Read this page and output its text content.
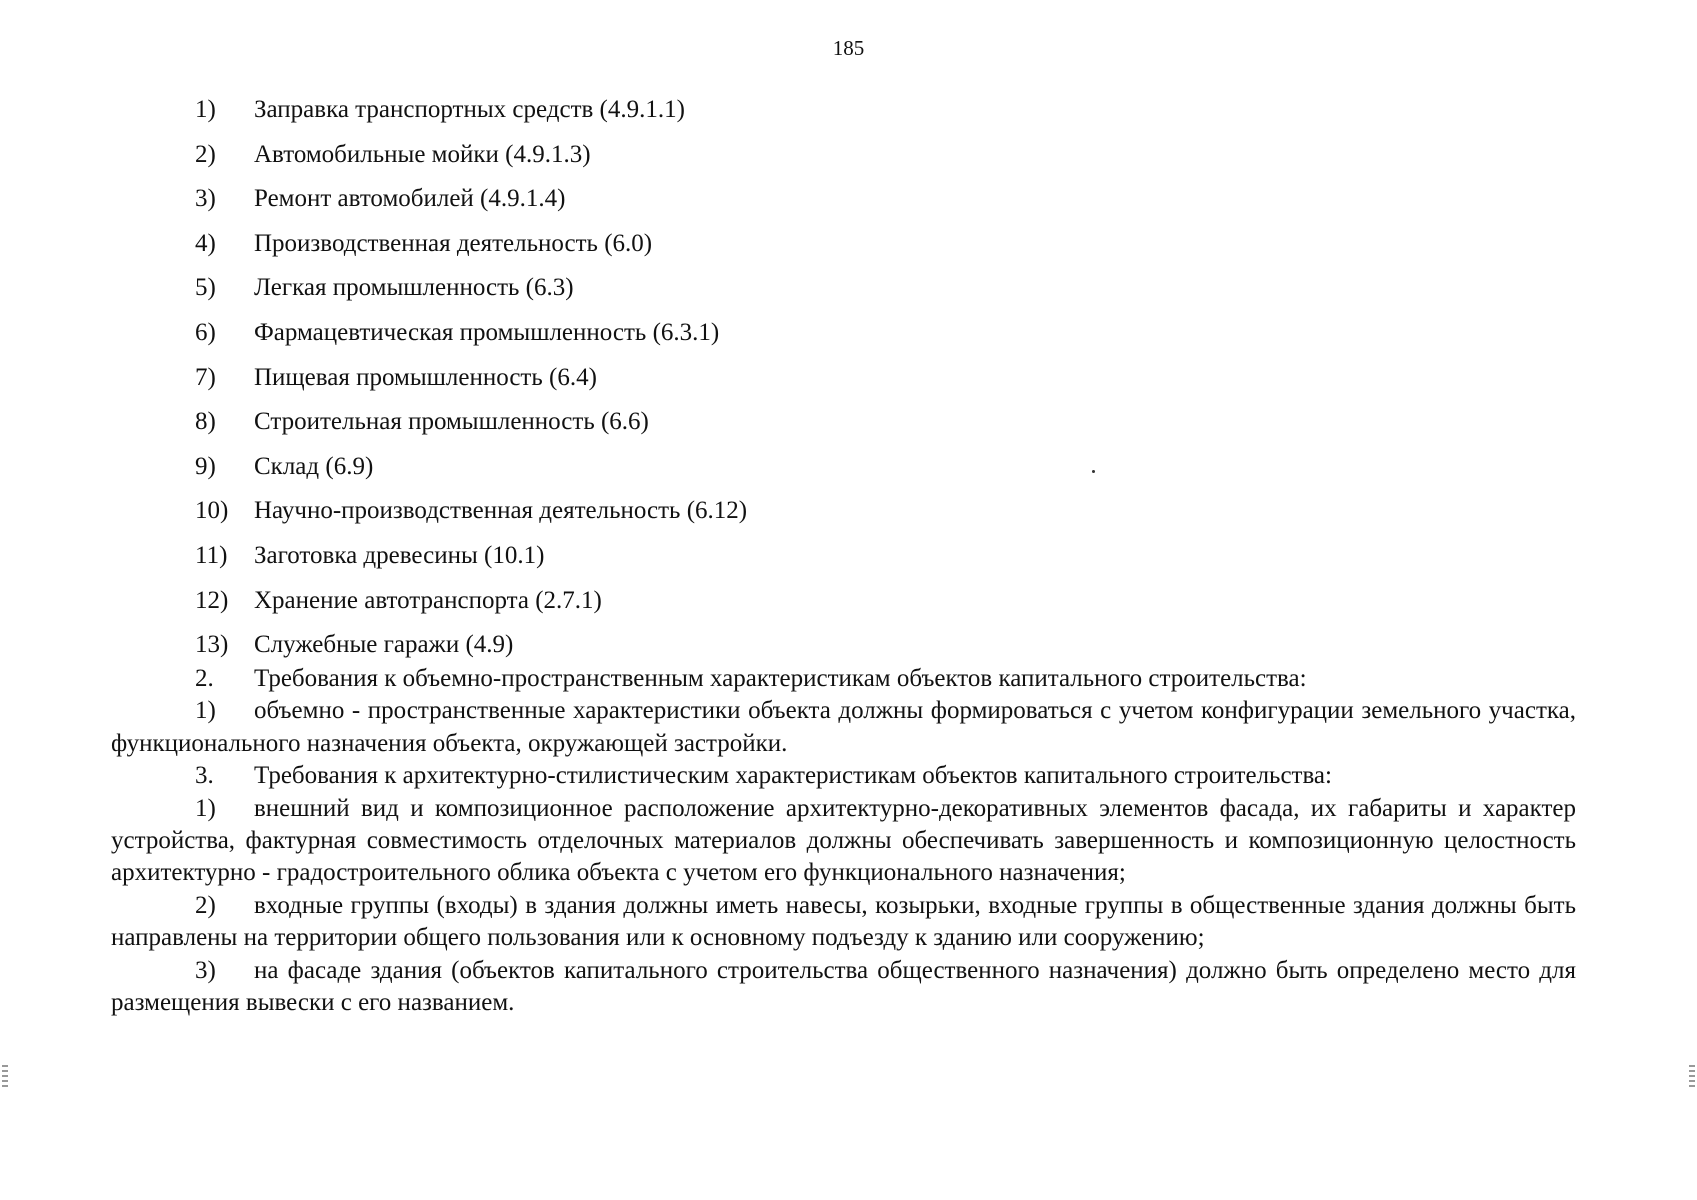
185
1) Заправка транспортных средств (4.9.1.1)
2) Автомобильные мойки (4.9.1.3)
3) Ремонт автомобилей (4.9.1.4)
4) Производственная деятельность (6.0)
5) Легкая промышленность (6.3)
6) Фармацевтическая промышленность (6.3.1)
7) Пищевая промышленность (6.4)
8) Строительная промышленность (6.6)
9) Склад (6.9)
10) Научно-производственная деятельность (6.12)
11) Заготовка древесины (10.1)
12) Хранение автотранспорта (2.7.1)
13) Служебные гаражи (4.9)

2. Требования к объемно-пространственным характеристикам объектов капитального строительства:

1) объемно - пространственные характеристики объекта должны формироваться с учетом конфигурации земельного участка, функционального назначения объекта, окружающей застройки.

3. Требования к архитектурно-стилистическим характеристикам объектов капитального строительства:

1) внешний вид и композиционное расположение архитектурно-декоративных элементов фасада, их габариты и характер устройства, фактурная совместимость отделочных материалов должны обеспечивать завершенность и композиционную целостность архитектурно - градостроительного облика объекта с учетом его функционального назначения;

2) входные группы (входы) в здания должны иметь навесы, козырьки, входные группы в общественные здания должны быть направлены на территории общего пользования или к основному подъезду к зданию или сооружению;

3) на фасаде здания (объектов капитального строительства общественного назначения) должно быть определено место для размещения вывески с его названием.
